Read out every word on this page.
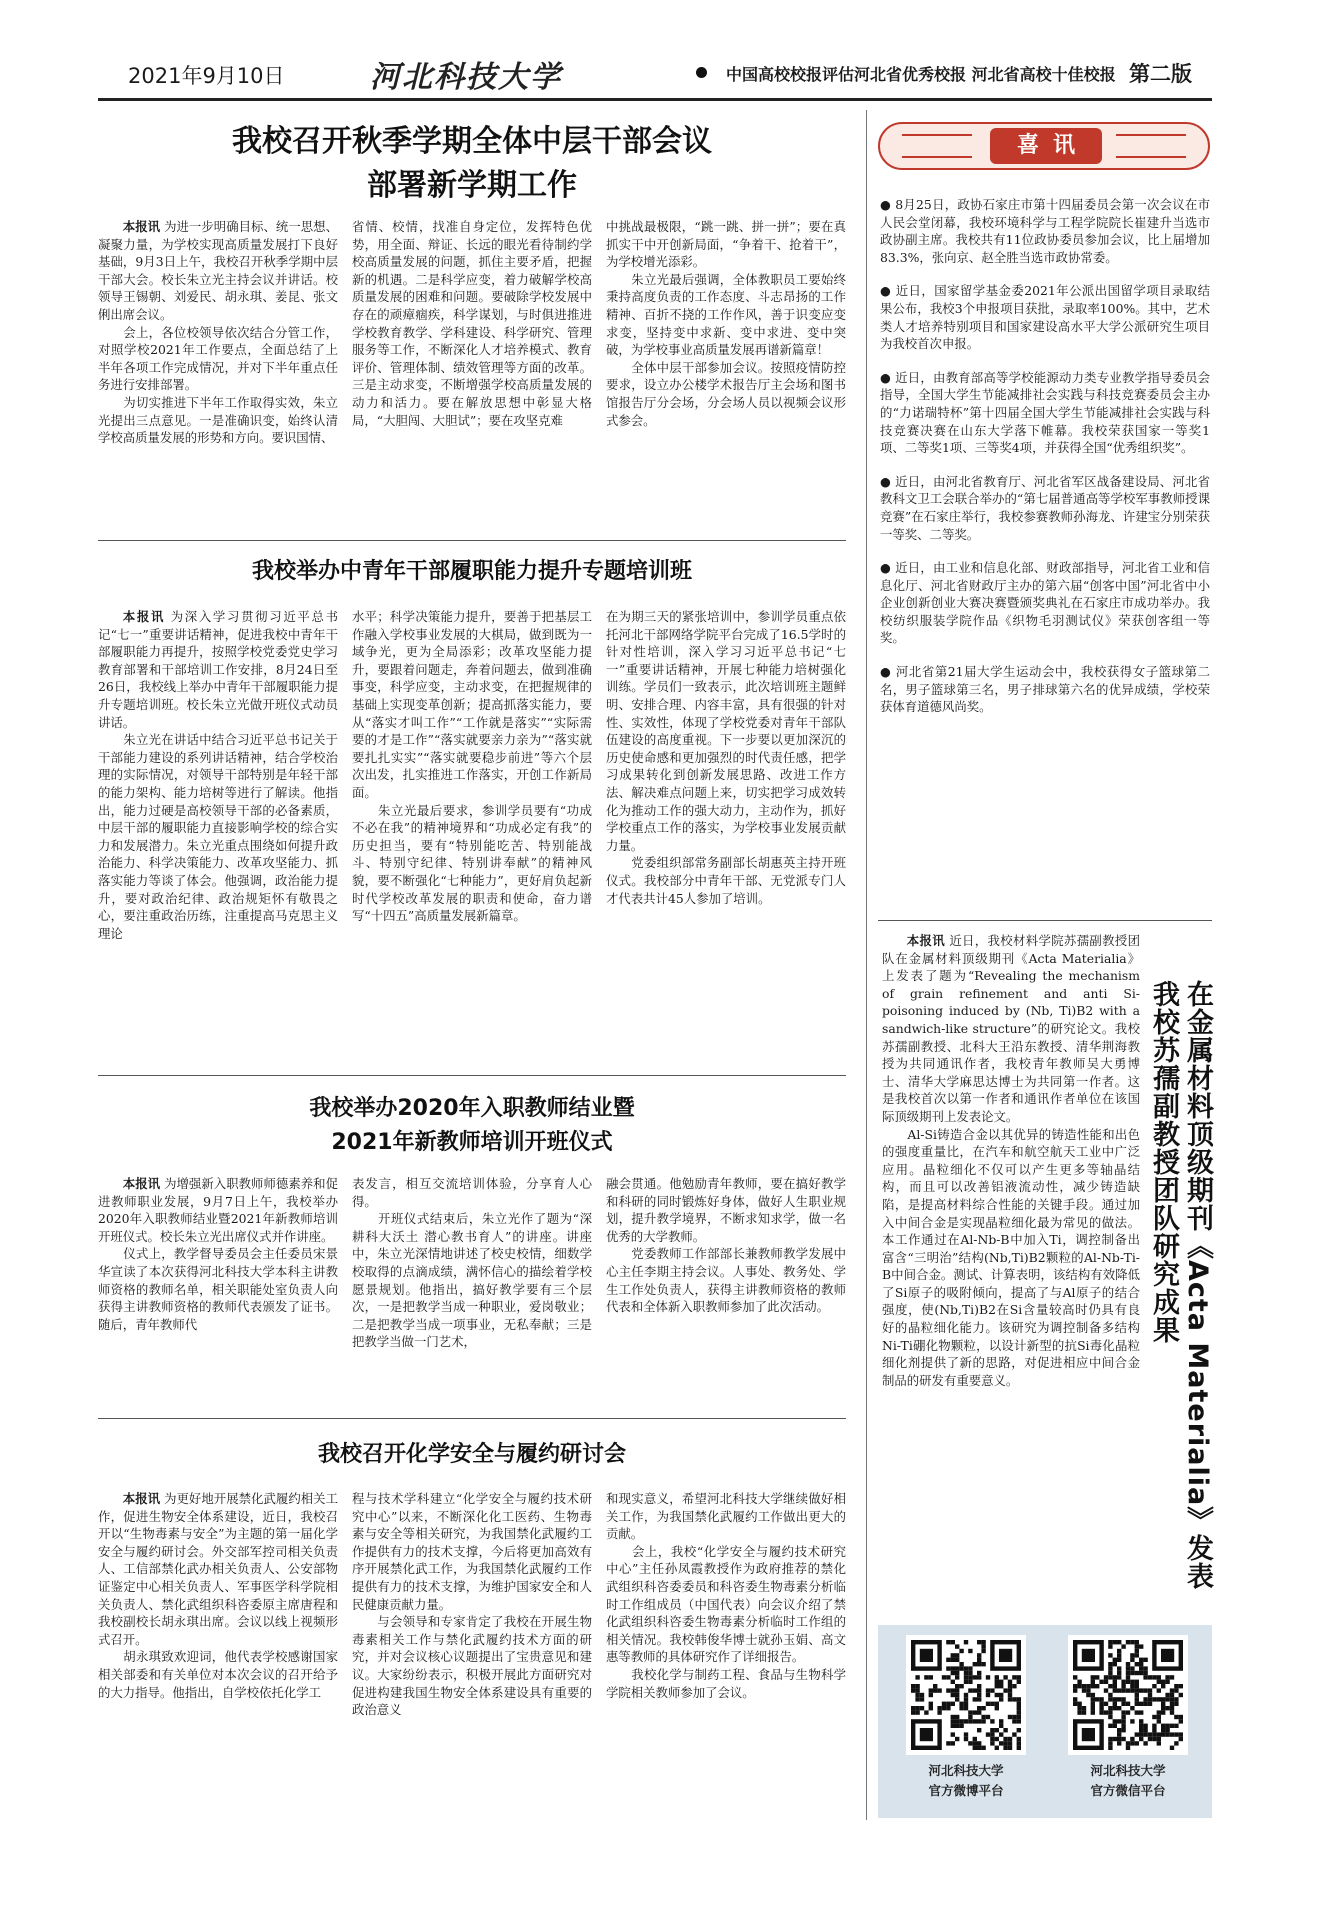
2021年9月10日	河北科技大学	中国高校校报评估河北省优秀校报 河北省高校十佳校报 第二版
我校召开秋季学期全体中层干部会议
部署新学期工作

本报讯 为进一步明确目标、统一思想、凝聚力量，为学校实现高质量发展打下良好基础，9月3日上午，我校召开秋季学期中层干部大会。校长朱立光主持会议并讲话。校领导王锡朝、刘爱民、胡永琪、姜昆、张文俐出席会议。
　　会上，各位校领导依次结合分管工作，对照学校2021年工作要点，全面总结了上半年各项工作完成情况，并对下半年重点任务进行安排部署。
　　为切实推进下半年工作取得实效，朱立光提出三点意见。一是准确识变，始终认清学校高质量发展的形势和方向。要识国情、

省情、校情，找准自身定位，发挥特色优势，用全面、辩证、长远的眼光看待制约学校高质量发展的问题，抓住主要矛盾，把握新的机遇。二是科学应变，着力破解学校高质量发展的困难和问题。要破除学校发展中存在的顽瘴痼疾，科学谋划，与时俱进推进学校教育教学、学科建设、科学研究、管理服务等工作，不断深化人才培养模式、教育评价、管理体制、绩效管理等方面的改革。三是主动求变，不断增强学校高质量发展的动力和活力。要在解放思想中彰显大格局，“大胆闯、大胆试”；要在攻坚克难
中挑战最极限，“跳一跳、拼一拼”；要在真抓实干中开创新局面，“争着干、抢着干”，为学校增光添彩。
　　朱立光最后强调，全体教职员工要始终秉持高度负责的工作态度、斗志昂扬的工作精神、百折不挠的工作作风，善于识变应变求变，坚持变中求新、变中求进、变中突破，为学校事业高质量发展再谱新篇章！
　　全体中层干部参加会议。按照疫情防控要求，设立办公楼学术报告厅主会场和图书馆报告厅分会场，分会场人员以视频会议形式参会。
我校举办中青年干部履职能力提升专题培训班

本报讯 为深入学习贯彻习近平总书记“七一”重要讲话精神，促进我校中青年干部履职能力再提升，按照学校党委党史学习教育部署和干部培训工作安排，8月24日至26日，我校线上举办中青年干部履职能力提升专题培训班。校长朱立光做开班仪式动员讲话。
　　朱立光在讲话中结合习近平总书记关于干部能力建设的系列讲话精神，结合学校治理的实际情况，对领导干部特别是年轻干部的能力架构、能力培树等进行了解读。他指出，能力过硬是高校领导干部的必备素质，中层干部的履职能力直接影响学校的综合实力和发展潜力。朱立光重点围绕如何提升政治能力、科学决策能力、改革攻坚能力、抓落实能力等谈了体会。他强调，政治能力提升，要对政治纪律、政治规矩怀有敬畏之心，要注重政治历练，注重提高马克思主义理论

水平；科学决策能力提升，要善于把基层工作融入学校事业发展的大棋局，做到既为一域争光，更为全局添彩；改革攻坚能力提升，要跟着问题走，奔着问题去，做到准确事变，科学应变，主动求变，在把握规律的基础上实现变革创新；提高抓落实能力，要从“落实才叫工作”“工作就是落实”“实际需要的才是工作”“落实就要亲力亲为”“落实就要扎扎实实”“落实就要稳步前进”等六个层次出发，扎实推进工作落实，开创工作新局面。
　　朱立光最后要求，参训学员要有“功成不必在我”的精神境界和“功成必定有我”的历史担当，要有“特别能吃苦、特别能战斗、特别守纪律、特别讲奉献”的精神风貌，要不断强化“七种能力”，更好肩负起新时代学校改革发展的职责和使命，奋力谱写“十四五”高质量发展新篇章。
在为期三天的紧张培训中，参训学员重点依托河北干部网络学院平台完成了16.5学时的针对性培训，深入学习习近平总书记“七一”重要讲话精神，开展七种能力培树强化训练。学员们一致表示，此次培训班主题鲜明、安排合理、内容丰富，具有很强的针对性、实效性，体现了学校党委对青年干部队伍建设的高度重视。下一步要以更加深沉的历史使命感和更加强烈的时代责任感，把学习成果转化到创新发展思路、改进工作方法、解决难点问题上来，切实把学习成效转化为推动工作的强大动力，主动作为，抓好学校重点工作的落实，为学校事业发展贡献力量。
　　党委组织部常务副部长胡惠英主持开班仪式。我校部分中青年干部、无党派专门人才代表共计45人参加了培训。
我校举办2020年入职教师结业暨
2021年新教师培训开班仪式

本报讯 为增强新入职教师师德素养和促进教师职业发展，9月7日上午，我校举办2020年入职教师结业暨2021年新教师培训开班仪式。校长朱立光出席仪式并作讲座。
　　仪式上，教学督导委员会主任委员宋景华宣读了本次获得河北科技大学本科主讲教师资格的教师名单，相关职能处室负责人向获得主讲教师资格的教师代表颁发了证书。随后，青年教师代

表发言，相互交流培训体验，分享育人心得。
　　开班仪式结束后，朱立光作了题为“深耕科大沃土 潜心教书育人”的讲座。讲座中，朱立光深情地讲述了校史校情，细数学校取得的点滴成绩，满怀信心的描绘着学校愿景规划。他指出，搞好教学要有三个层次，一是把教学当成一种职业，爱岗敬业；二是把教学当成一项事业，无私奉献；三是把教学当做一门艺术，
融会贯通。他勉励青年教师，要在搞好教学和科研的同时锻炼好身体，做好人生职业规划，提升教学境界，不断求知求学，做一名优秀的大学教师。
　　党委教师工作部部长兼教师教学发展中心主任李期主持会议。人事处、教务处、学生工作处负责人，获得主讲教师资格的教师代表和全体新入职教师参加了此次活动。
我校召开化学安全与履约研讨会

本报讯 为更好地开展禁化武履约相关工作，促进生物安全体系建设，近日，我校召开以“生物毒素与安全”为主题的第一届化学安全与履约研讨会。外交部军控司相关负责人、工信部禁化武办相关负责人、公安部物证鉴定中心相关负责人、军事医学科学院相关负责人、禁化武组织科咨委原主席唐程和我校副校长胡永琪出席。会议以线上视频形式召开。
　　胡永琪致欢迎词，他代表学校感谢国家相关部委和有关单位对本次会议的召开给予的大力指导。他指出，自学校依托化学工

程与技术学科建立“化学安全与履约技术研究中心”以来，不断深化化工医药、生物毒素与安全等相关研究，为我国禁化武履约工作提供有力的技术支撑，今后将更加高效有序开展禁化武工作，为我国禁化武履约工作提供有力的技术支撑，为维护国家安全和人民健康贡献力量。
　　与会领导和专家肯定了我校在开展生物毒素相关工作与禁化武履约技术方面的研究，并对会议核心议题提出了宝贵意见和建议。大家纷纷表示，积极开展此方面研究对促进构建我国生物安全体系建设具有重要的政治意义
和现实意义，希望河北科技大学继续做好相关工作，为我国禁化武履约工作做出更大的贡献。
　　会上，我校“化学安全与履约技术研究中心”主任孙凤霞教授作为政府推荐的禁化武组织科咨委委员和科咨委生物毒素分析临时工作组成员（中国代表）向会议介绍了禁化武组织科咨委生物毒素分析临时工作组的相关情况。我校韩俊华博士就孙玉娟、高文惠等教师的具体研究作了详细报告。
　　我校化学与制药工程、食品与生物科学学院相关教师参加了会议。
喜讯
● 8月25日，政协石家庄市第十四届委员会第一次会议在市人民会堂闭幕，我校环境科学与工程学院院长崔建升当选市政协副主席。我校共有11位政协委员参加会议，比上届增加83.3%，张向京、赵全胜当选市政协常委。
● 近日，国家留学基金委2021年公派出国留学项目录取结果公布，我校3个申报项目获批，录取率100%。其中，艺术类人才培养特别项目和国家建设高水平大学公派研究生项目为我校首次申报。
● 近日，由教育部高等学校能源动力类专业教学指导委员会指导，全国大学生节能减排社会实践与科技竞赛委员会主办的“力诺瑞特杯”第十四届全国大学生节能减排社会实践与科技竞赛决赛在山东大学落下帷幕。我校荣获国家一等奖1项、二等奖1项、三等奖4项，并获得全国“优秀组织奖”。
● 近日，由河北省教育厅、河北省军区战备建设局、河北省教科文卫工会联合举办的“第七届普通高等学校军事教师授课竞赛”在石家庄举行，我校参赛教师孙海龙、许建宝分别荣获一等奖、二等奖。
● 近日，由工业和信息化部、财政部指导，河北省工业和信息化厅、河北省财政厅主办的第六届“创客中国”河北省中小企业创新创业大赛决赛暨颁奖典礼在石家庄市成功举办。我校纺织服装学院作品《织物毛羽测试仪》荣获创客组一等奖。
● 河北省第21届大学生运动会中，我校获得女子篮球第二名，男子篮球第三名，男子排球第六名的优异成绩，学校荣获体育道德风尚奖。

本报讯 近日，我校材料学院苏孺副教授团队在金属材料顶级期刊《Acta Materialia》上发表了题为“Revealing the mechanism of grain refinement and anti Si-poisoning induced by (Nb, Ti)B2 with a sandwich-like structure”的研究论文。我校苏孺副教授、北科大王沿东教授、清华荆海教授为共同通讯作者，我校青年教师吴大勇博士、清华大学麻思达博士为共同第一作者。这是我校首次以第一作者和通讯作者单位在该国际顶级期刊上发表论文。
　　Al-Si铸造合金以其优异的铸造性能和出色的强度重量比，在汽车和航空航天工业中广泛应用。晶粒细化不仅可以产生更多等轴晶结构，而且可以改善铝液流动性，减少铸造缺陷，是提高材料综合性能的关键手段。通过加入中间合金是实现晶粒细化最为常见的做法。本工作通过在Al-Nb-B中加入Ti，调控制备出富含“三明治”结构(Nb,Ti)B2颗粒的Al-Nb-Ti-B中间合金。测试、计算表明，该结构有效降低了Si原子的吸附倾向，提高了与Al原子的结合强度，使(Nb,Ti)B2在Si含量较高时仍具有良好的晶粒细化能力。该研究为调控制备多结构Ni-Ti硼化物颗粒，以设计新型的抗Si毒化晶粒细化剂提供了新的思路，对促进相应中间合金制品的研发有重要意义。	在金属材料顶级期刊《Acta Materialia》发表
我校苏孺副教授团队研究成果
河北科技大学
官方微博平台
河北科技大学
官方微信平台
